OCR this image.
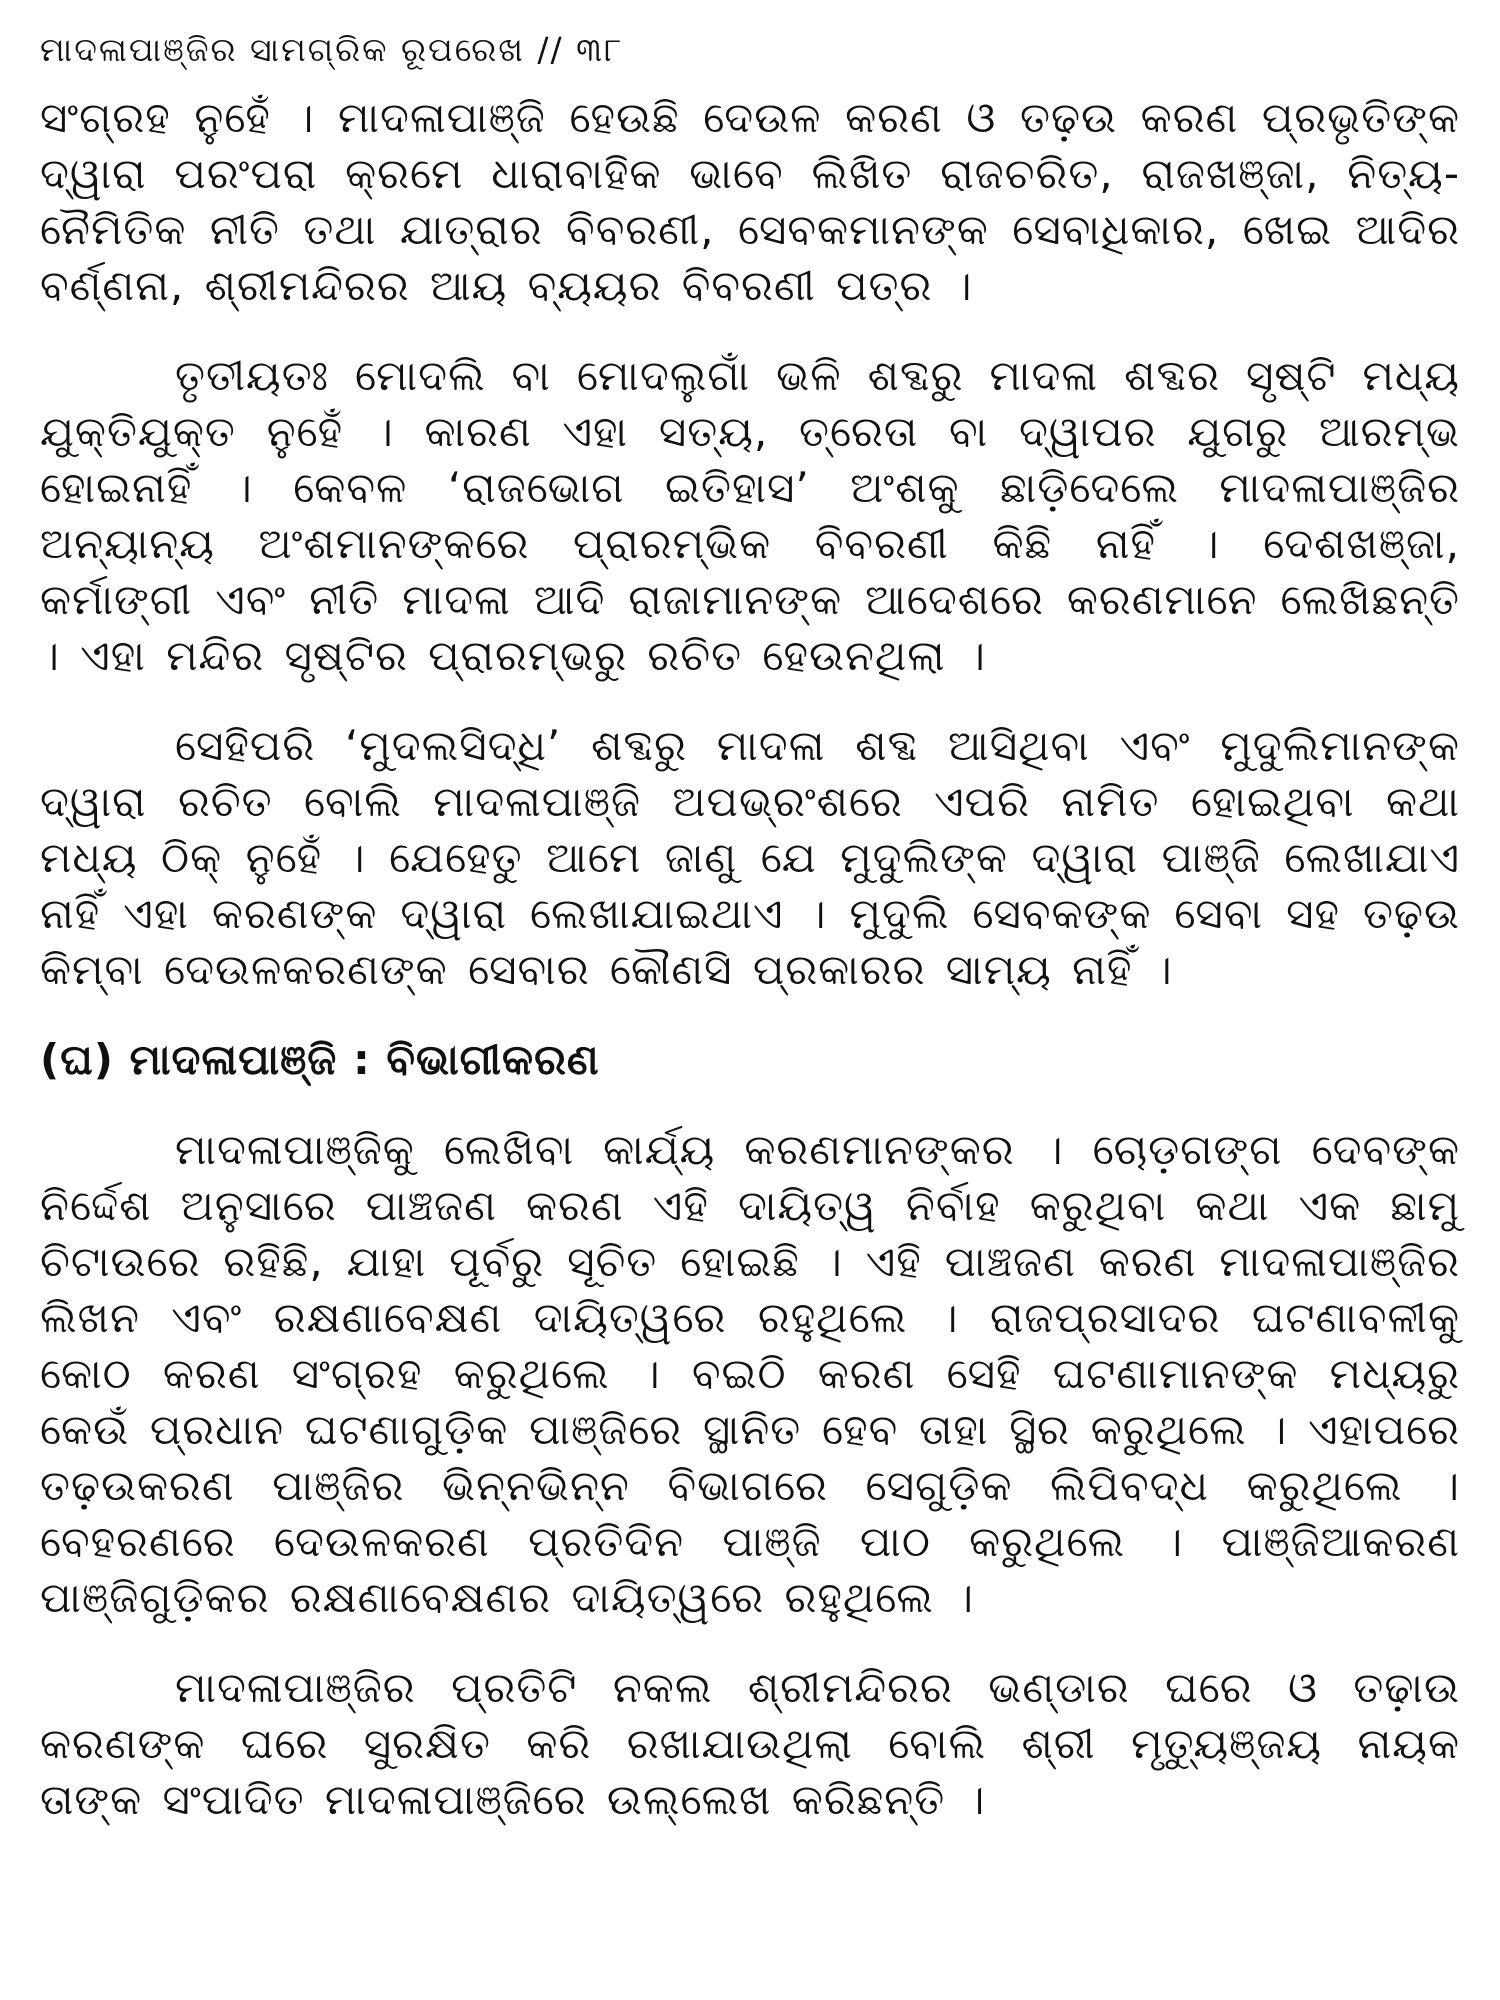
ମାଦଳାପାଞ୍ଜିର ସାମଗ୍ରିକ ରୂପରେଖ // ୩୮

ସଂଗ୍ରହ ନୁହେଁ । ମାଦଳାପାଞ୍ଜି ହେଉଛି ଦେଉଳ କରଣ ଓ ତଢ଼ଉ କରଣ ପ୍ରଭୃତିଙ୍କ ଦ୍ୱାରା ପରଂପରା କ୍ରମେ ଧାରାବାହିକ ଭାବେ ଲିଖିତ ରାଜଚରିତ, ରାଜଖଞ୍ଜା, ନିତ୍ୟ-ନୈମିତିକ ନୀତି ତଥା ଯାତ୍ରାର ବିବରଣୀ, ସେବକମାନଙ୍କ ସେବାଧିକାର, ଖେଇ ଆଦିର ବର୍ଣ୍ଣନା, ଶ୍ରୀମନ୍ଦିରର ଆୟ ବ୍ୟୟର ବିବରଣୀ ପତ୍ର ।

ତୃତୀୟତଃ ମୋଦଲି ବା ମୋଦଲୁଗାଁ ଭଳି ଶବ୍ଦରୁ ମାଦଳା ଶବ୍ଦର ସୃଷ୍ଟି ମଧ୍ୟ ଯୁକ୍ତିଯୁକ୍ତ ନୁହେଁ । କାରଣ ଏହା ସତ୍ୟ, ତ୍ରେତା ବା ଦ୍ୱାପର ଯୁଗରୁ ଆରମ୍ଭ ହୋଇନାହିଁ । କେବଳ ‘ରାଜଭୋଗ ଇତିହାସ’ ଅଂଶକୁ ଛାଡ଼ିଦେଲେ ମାଦଳାପାଞ୍ଜିର ଅନ୍ୟାନ୍ୟ ଅଂଶମାନଙ୍କରେ ପ୍ରାରମ୍ଭିକ ବିବରଣୀ କିଛି ନାହିଁ । ଦେଶଖଞ୍ଜା, କର୍ମାଙ୍ଗୀ ଏବଂ ନୀତି ମାଦଳା ଆଦି ରାଜାମାନଙ୍କ ଆଦେଶରେ କରଣମାନେ ଲେଖିଛନ୍ତି । ଏହା ମନ୍ଦିର ସୃଷ୍ଟିର ପ୍ରାରମ୍ଭରୁ ରଚିତ ହେଉନଥିଲା ।

ସେହିପରି ‘ମୁଦଲସିଦ୍ଧି’ ଶବ୍ଦରୁ ମାଦଳା ଶବ୍ଦ ଆସିଥିବା ଏବଂ ମୁଦୁଲିମାନଙ୍କ ଦ୍ୱାରା ରଚିତ ବୋଲି ମାଦଳାପାଞ୍ଜି ଅପଭ୍ରଂଶରେ ଏପରି ନାମିତ ହୋଇଥିବା କଥା ମଧ୍ୟ ଠିକ୍ ନୁହେଁ । ଯେହେତୁ ଆମେ ଜାଣୁ ଯେ ମୁଦୁଲିଙ୍କ ଦ୍ୱାରା ପାଞ୍ଜି ଲେଖାଯାଏ ନାହିଁ ଏହା କରଣଙ୍କ ଦ୍ୱାରା ଲେଖାଯାଇଥାଏ । ମୁଦୁଲି ସେବକଙ୍କ ସେବା ସହ ତଢ଼ଉ କିମ୍ବା ଦେଉଳକରଣଙ୍କ ସେବାର କୌଣସି ପ୍ରକାରର ସାମ୍ୟ ନାହିଁ ।

(ଘ) ମାଦଳାପାଞ୍ଜି : ବିଭାଗୀକରଣ

ମାଦଳାପାଞ୍ଜିକୁ ଲେଖିବା କାର୍ଯ୍ୟ କରଣମାନଙ୍କର । ଚୋଡ଼ଗଙ୍ଗ ଦେବଙ୍କ ନିର୍ଦ୍ଦେଶ ଅନୁସାରେ ପାଞ୍ଚଜଣ କରଣ ଏହି ଦାୟିତ୍ୱ ନିର୍ବାହ କରୁଥିବା କଥା ଏକ ଛାମୁ ଚିଟାଉରେ ରହିଛି, ଯାହା ପୂର୍ବରୁ ସୂଚିତ ହୋଇଛି । ଏହି ପାଞ୍ଚଜଣ କରଣ ମାଦଳାପାଞ୍ଜିର ଲିଖନ ଏବଂ ରକ୍ଷଣାବେକ୍ଷଣ ଦାୟିତ୍ୱରେ ରହୁଥିଲେ । ରାଜପ୍ରସାଦର ଘଟଣାବଳୀକୁ କୋଠ କରଣ ସଂଗ୍ରହ କରୁଥିଲେ । ବଇଠି କରଣ ସେହି ଘଟଣାମାନଙ୍କ ମଧ୍ୟରୁ କେଉଁ ପ୍ରଧାନ ଘଟଣାଗୁଡ଼ିକ ପାଞ୍ଜିରେ ସ୍ଥାନିତ ହେବ ତାହା ସ୍ଥିର କରୁଥିଲେ । ଏହାପରେ ତଢ଼ଉକରଣ ପାଞ୍ଜିର ଭିନ୍ନଭିନ୍ନ ବିଭାଗରେ ସେଗୁଡ଼ିକ ଲିପିବଦ୍ଧ କରୁଥିଲେ । ବେହରଣରେ ଦେଉଳକରଣ ପ୍ରତିଦିନ ପାଞ୍ଜି ପାଠ କରୁଥିଲେ । ପାଞ୍ଜିଆକରଣ ପାଞ୍ଜିଗୁଡ଼ିକର ରକ୍ଷଣାବେକ୍ଷଣର ଦାୟିତ୍ୱରେ ରହୁଥିଲେ ।

ମାଦଳାପାଞ୍ଜିର ପ୍ରତିଟି ନକଲ ଶ୍ରୀମନ୍ଦିରର ଭଣ୍ଡାର ଘରେ ଓ ତଢ଼ାଉ କରଣଙ୍କ ଘରେ ସୁରକ୍ଷିତ କରି ରଖାଯାଉଥିଲା ବୋଲି ଶ୍ରୀ ମୃତ୍ୟୁଞ୍ଜୟ ନାୟକ ତାଙ୍କ ସଂପାଦିତ ମାଦଳାପାଞ୍ଜିରେ ଉଲ୍ଲେଖ କରିଛନ୍ତି ।
